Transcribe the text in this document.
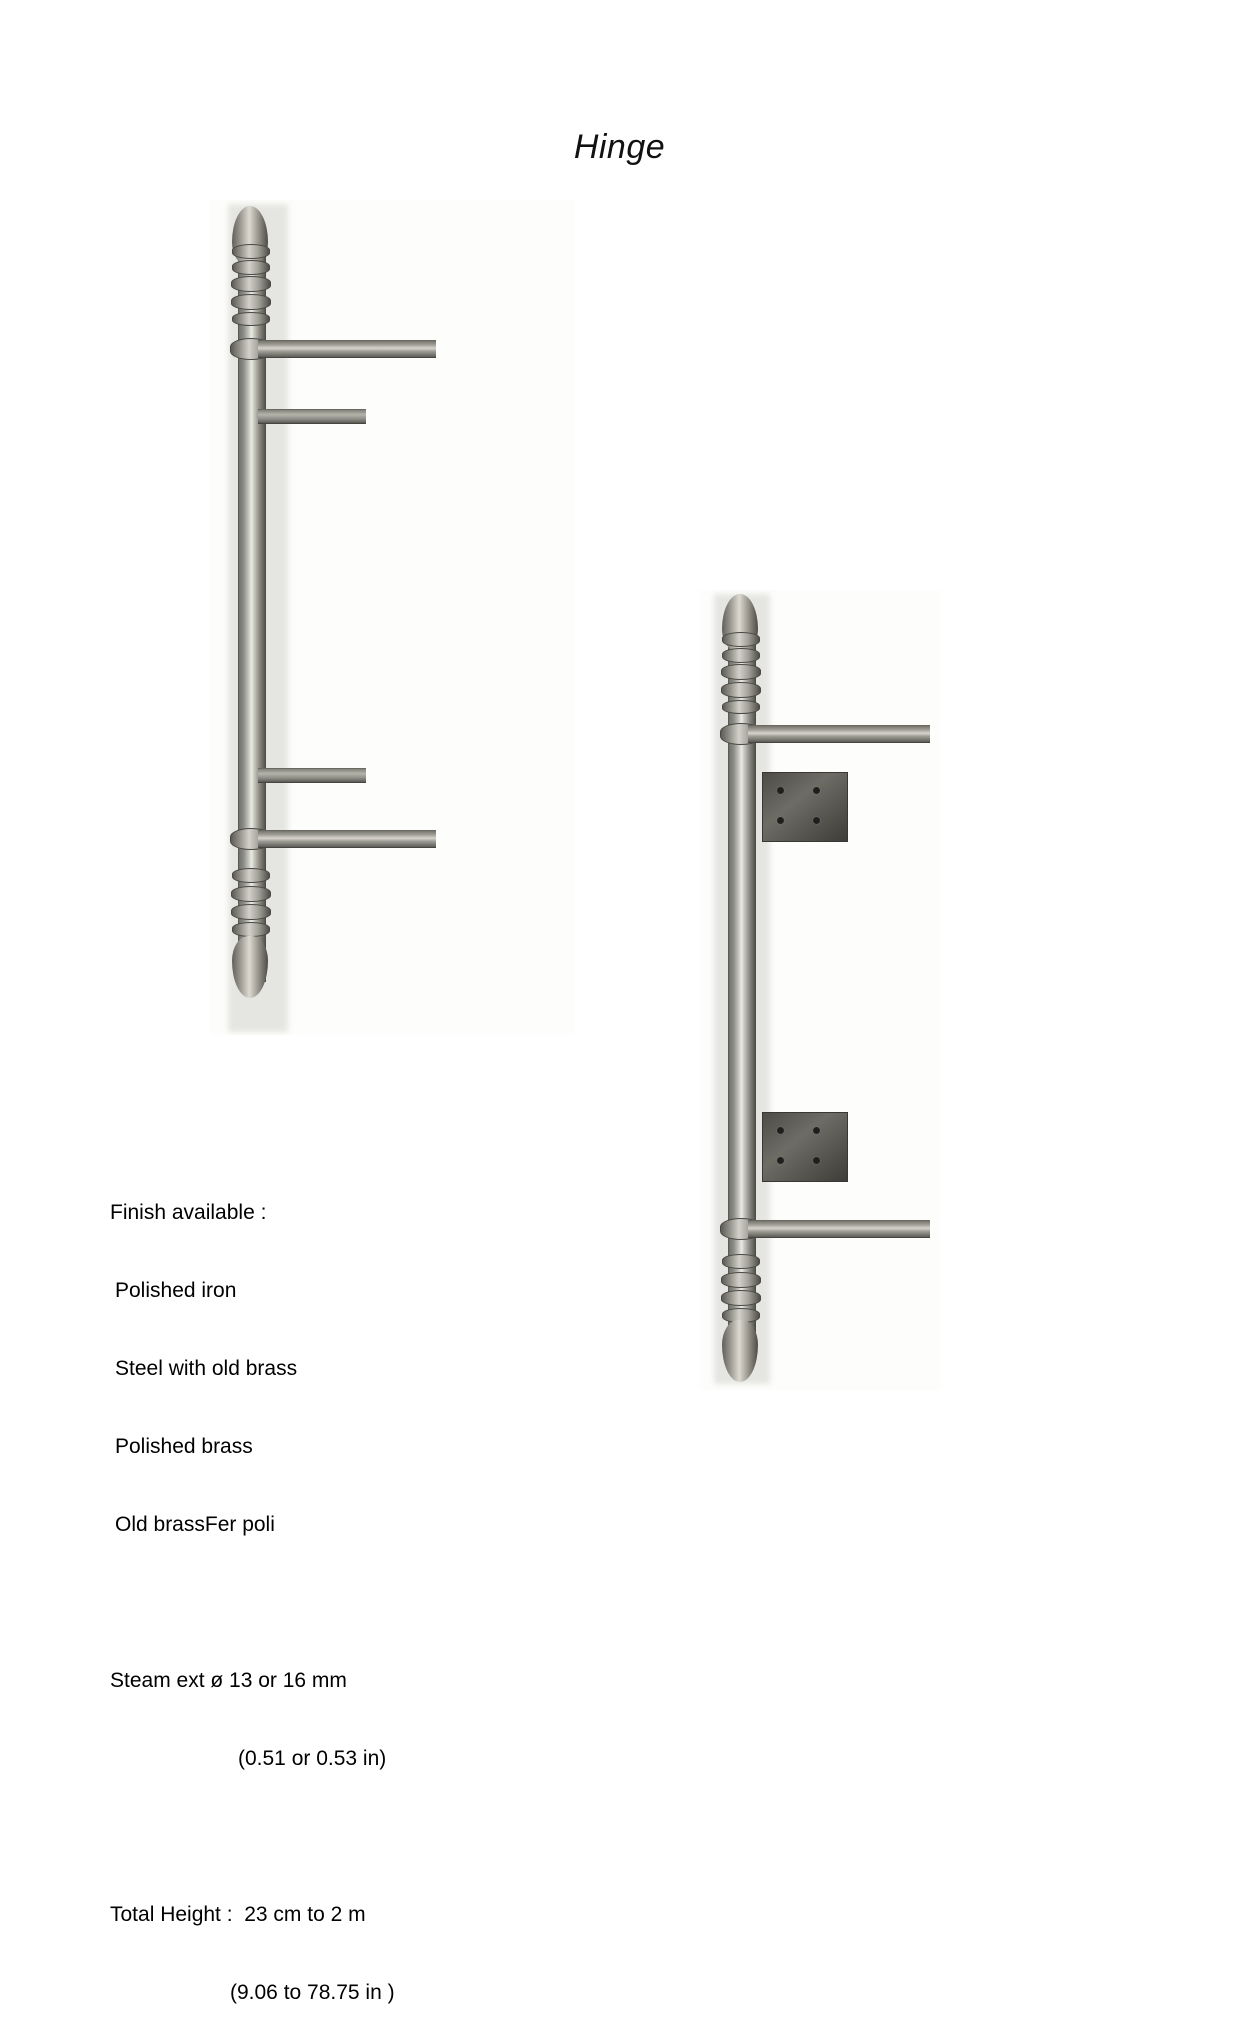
Hinge

Finish available :

Polished iron

Steel with old brass

Polished brass

Old brassFer poli

Steam ext ø 13 or 16 mm

(0.51 or 0.53 in)

Total Height :  23 cm to 2 m

(9.06 to 78.75 in )
